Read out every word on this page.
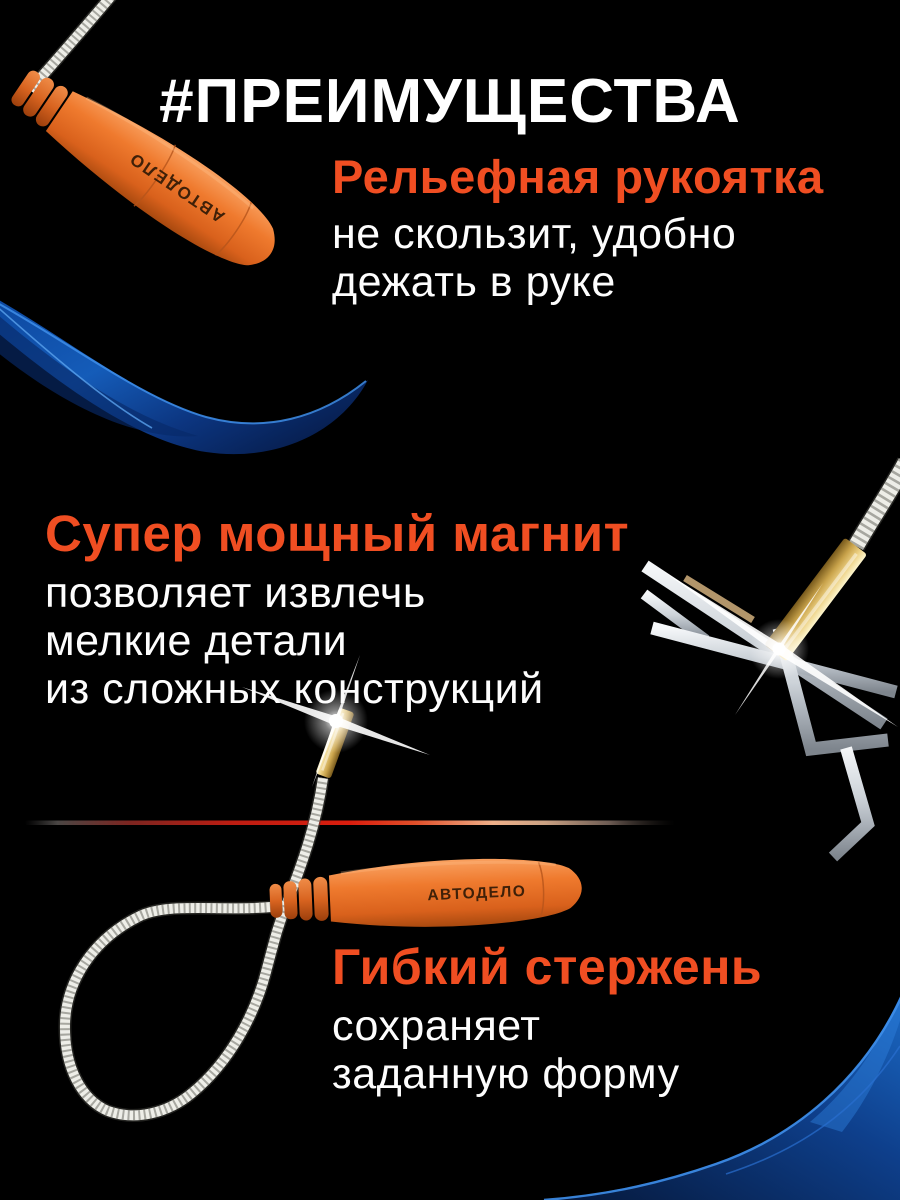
АВТОДЕЛО
АВТОДЕЛО
#ПРЕИМУЩЕСТВА
Рельефная рукоятка
не скользит, удобно
дежать в руке
Супер мощный магнит
позволяет извлечь
мелкие детали
из сложных конструкций
Гибкий стержень
сохраняет
заданную форму
